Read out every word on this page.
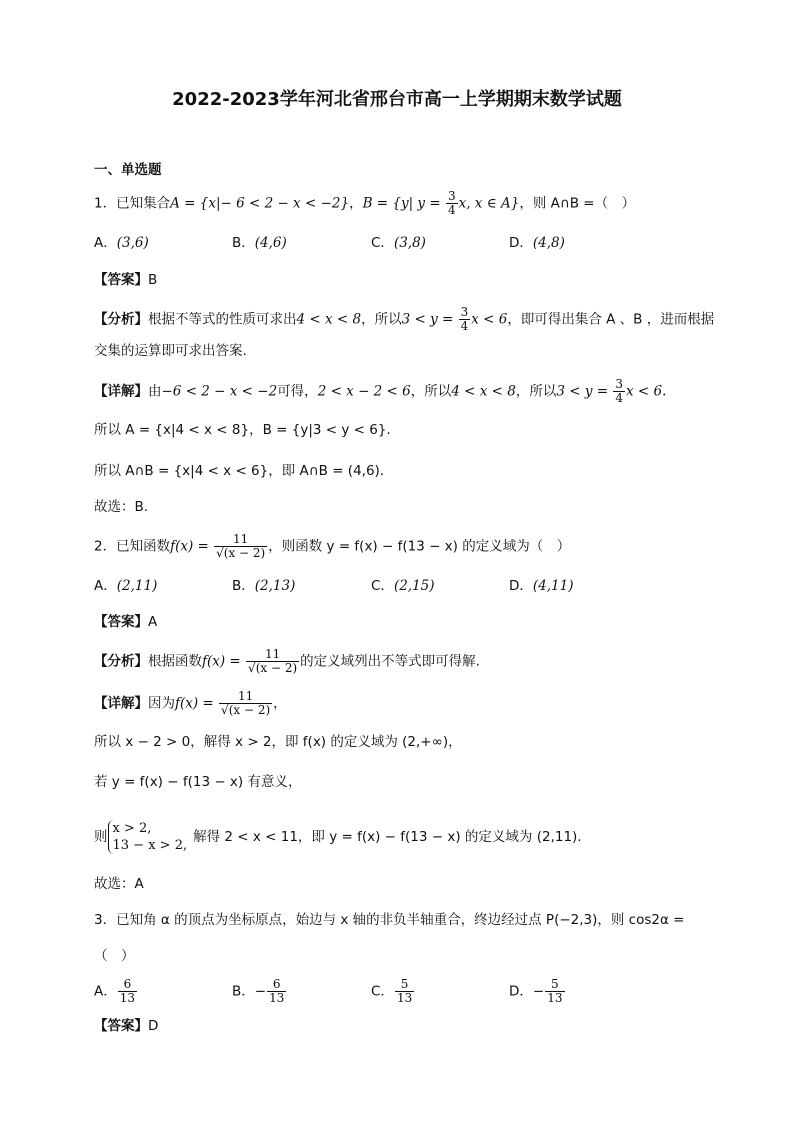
2022-2023学年河北省邢台市高一上学期期末数学试题
一、单选题
1．已知集合A = {x|− 6 < 2 − x < −2}，B = {y| $y = \frac{3}{4} x$, x ∈ A}，则 A∩B =（　）
A．(3,6)	B．(4,6)	C．(3,8)	D．(4,8)
【答案】B
【分析】根据不等式的性质可求出4 < x < 8，所以$3 < y = \frac{3}{4}$ x < 6，即可得出集合 A 、B ，进而根据
交集的运算即可求出答案.
【详解】由−6 < 2 − x < −2可得，2 < x − 2 < 6，所以4 < x < 8，所以$3 < y = \frac{3}{4}$ x < 6.
所以 A = {x|4 < x < 8}，B = {y|3 < y < 6}.
所以 A∩B = {x|4 < x < 6}，即 A∩B = (4,6).
故选：B.
2．已知函数$f(x) = \frac{11}{√(x - 2)}$ ，则函数 y = f(x) − f(13 − x) 的定义域为（　）
A．(2,11)	B．(2,13)	C．(2,15)	D．(4,11)
【答案】A
【分析】根据函数$f(x) = \frac{11}{√(x - 2)}$ 的定义域列出不等式即可得解.
【详解】因为$f(x) = \frac{11}{√(x - 2)}$ ，
所以 x − 2 > 0，解得 x > 2，即 f(x) 的定义域为 (2,+∞)，
若 y = f(x) − f(13 − x) 有意义，
则
x > 2,
13 − x > 2,
解得 2 < x < 11，即 y = f(x) − f(13 − x) 的定义域为 (2,11).
故选：A
3．已知角 α 的顶点为坐标原点，始边与 x 轴的非负半轴重合，终边经过点 P(−2,3)，则 cos2α =
（　）
A． $\frac{6}{13}$	B．− $\frac{6}{13}$	C． $\frac{5}{13}$	D．− $\frac{5}{13}$
【答案】D
